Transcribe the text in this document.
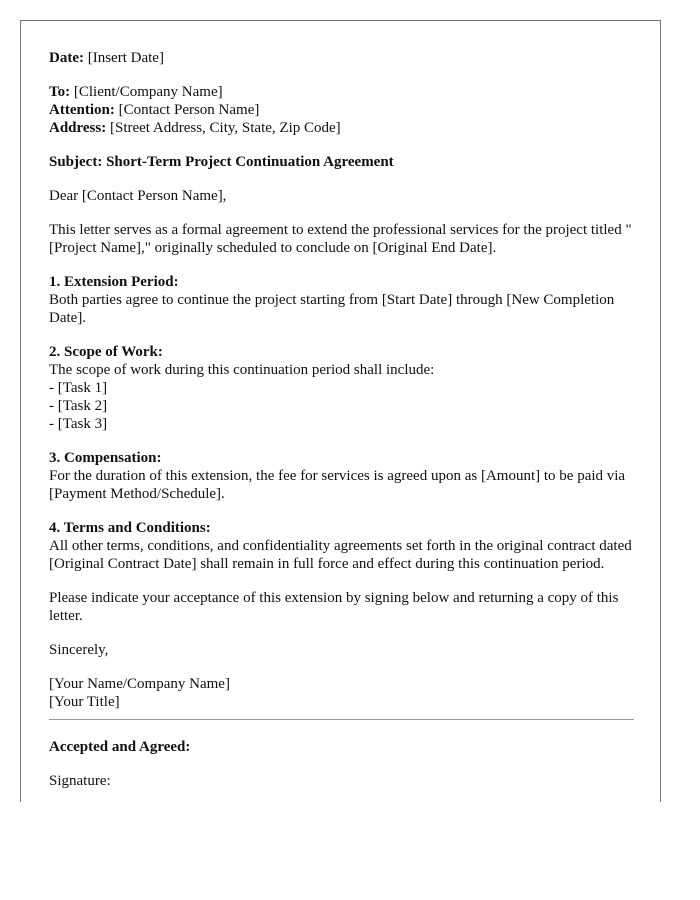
Date: [Insert Date]

To: [Client/Company Name]

Attention: [Contact Person Name]

Address: [Street Address, City, State, Zip Code]

Subject: Short-Term Project Continuation Agreement

Dear [Contact Person Name],

This letter serves as a formal agreement to extend the professional services for the project titled "[Project Name]," originally scheduled to conclude on [Original End Date].

1. Extension Period:

Both parties agree to continue the project starting from [Start Date] through [New Completion Date].

2. Scope of Work:

The scope of work during this continuation period shall include:

- [Task 1]

- [Task 2]

- [Task 3]

3. Compensation:

For the duration of this extension, the fee for services is agreed upon as [Amount] to be paid via [Payment Method/Schedule].

4. Terms and Conditions:

All other terms, conditions, and confidentiality agreements set forth in the original contract dated [Original Contract Date] shall remain in full force and effect during this continuation period.

Please indicate your acceptance of this extension by signing below and returning a copy of this letter.

Sincerely,

[Your Name/Company Name]

[Your Title]

Accepted and Agreed:

Signature:
